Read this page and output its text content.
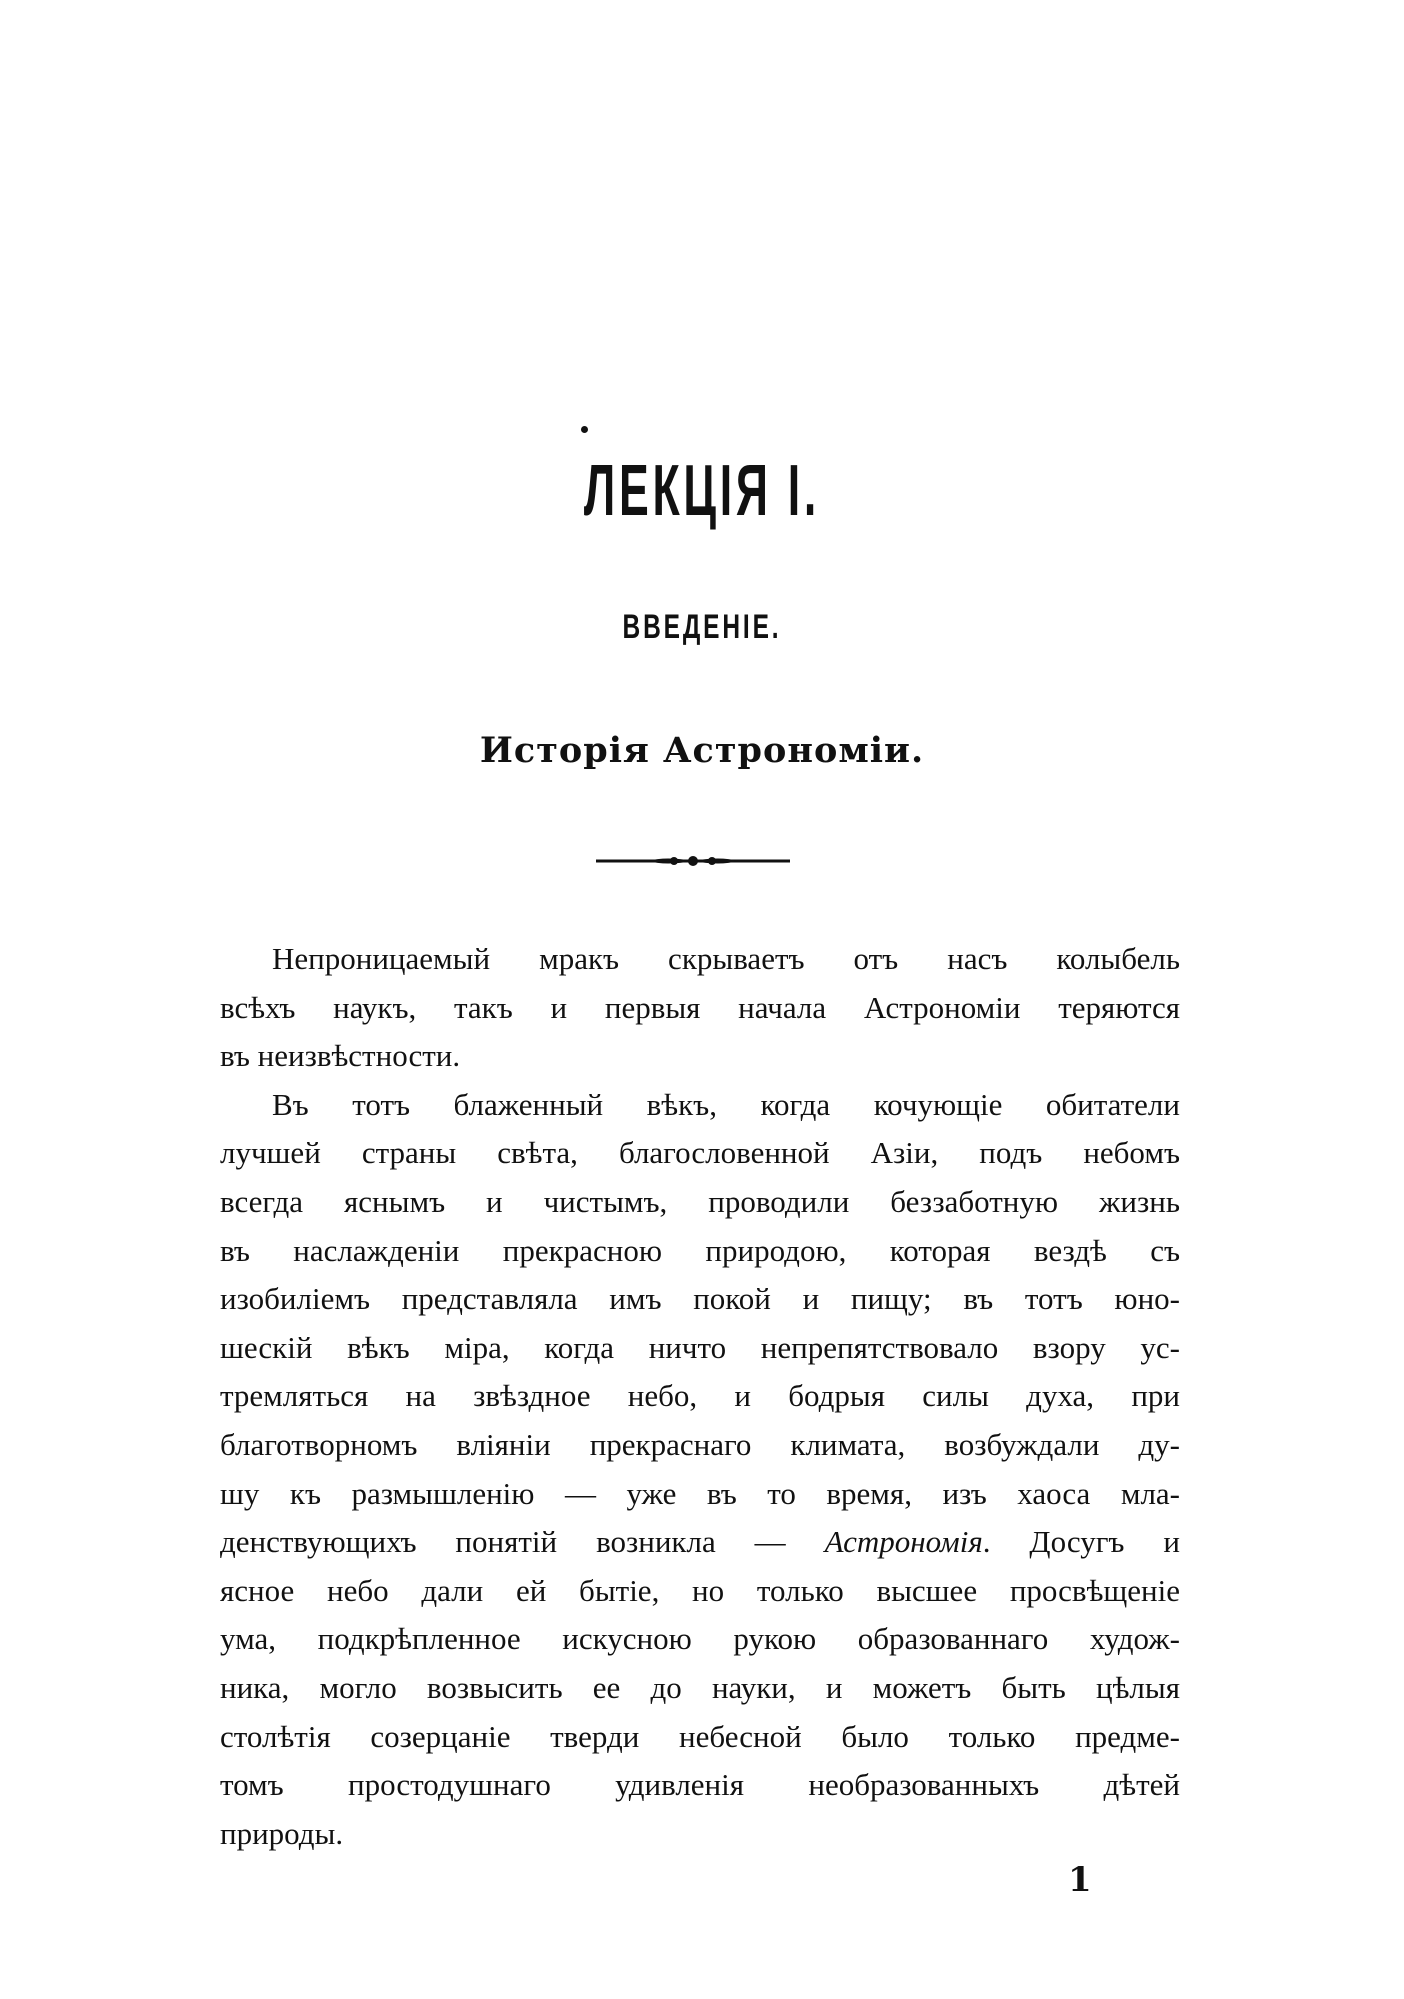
ЛЕКЦІЯ I.
ВВЕДЕНІЕ.
Исторія Астрономіи.
Непроницаемый мракъ скрываетъ отъ насъ колыбель
всѣхъ наукъ, такъ и первыя начала Астрономіи теряются
въ неизвѣстности.
Въ тотъ блаженный вѣкъ, когда кочующіе обитатели
лучшей страны свѣта, благословенной Азіи, подъ небомъ
всегда яснымъ и чистымъ, проводили беззаботную жизнь
въ наслажденіи прекрасною природою, которая вездѣ съ
изобиліемъ представляла имъ покой и пищу; въ тотъ юно-
шескій вѣкъ міра, когда ничто непрепятствовало взору ус-
тремляться на звѣздное небо, и бодрыя силы духа, при
благотворномъ вліяніи прекраснаго климата, возбуждали ду-
шу къ размышленію — уже въ то время, изъ хаоса мла-
денствующихъ понятій возникла — Астрономія. Досугъ и
ясное небо дали ей бытіе, но только высшее просвѣщеніе
ума, подкрѣпленное искусною рукою образованнаго худож-
ника, могло возвысить ее до науки, и можетъ быть цѣлыя
столѣтія созерцаніе тверди небесной было только предме-
томъ простодушнаго удивленія необразованныхъ дѣтей
природы.
1
